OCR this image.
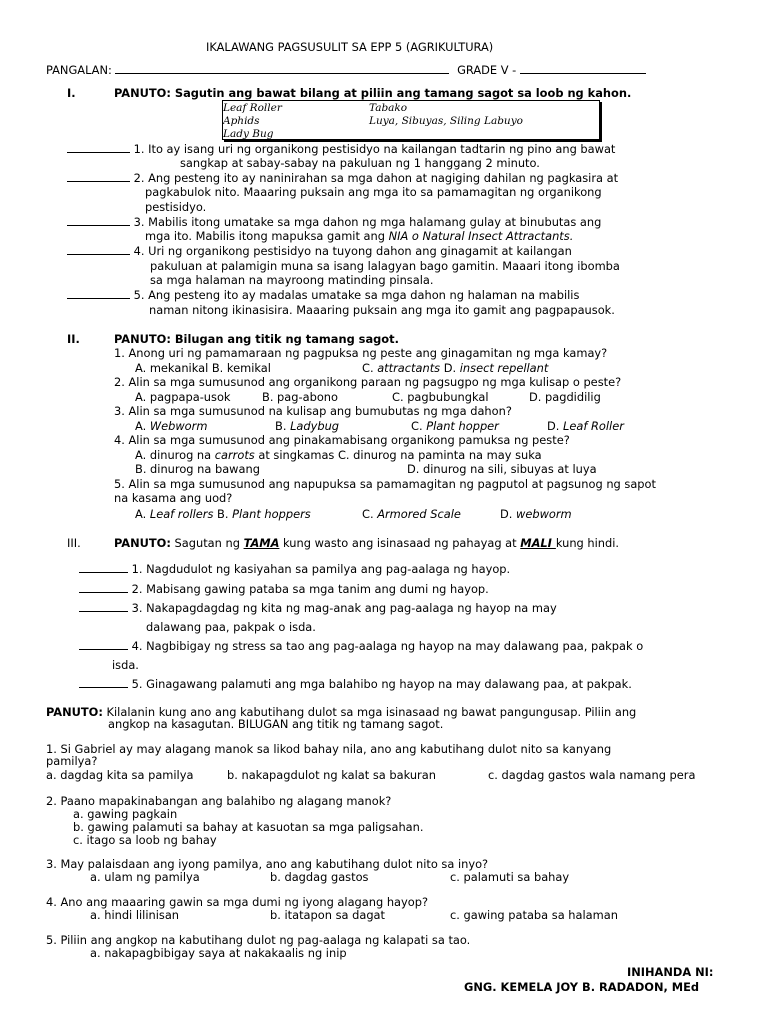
IKALAWANG PAGSUSULIT SA EPP 5 (AGRIKULTURA)
PANGALAN:	GRADE V -
I.	PANUTO: Sagutin ang bawat bilang at piliin ang tamang sagot sa loob ng kahon.
Leaf Roller	Tabako
Aphids	Luya, Sibuyas, Siling Labuyo
Lady Bug
1. Ito ay isang uri ng organikong pestisidyo na kailangan tadtarin ng pino ang bawat
sangkap at sabay-sabay na pakuluan ng 1 hanggang 2 minuto.
2. Ang pesteng ito ay naninirahan sa mga dahon at nagiging dahilan ng pagkasira at
pagkabulok nito. Maaaring puksain ang mga ito sa pamamagitan ng organikong
pestisidyo.
3. Mabilis itong umatake sa mga dahon ng mga halamang gulay at binubutas ang
mga ito. Mabilis itong mapuksa gamit ang NIA o Natural Insect Attractants.
4. Uri ng organikong pestisidyo na tuyong dahon ang ginagamit at kailangan
pakuluan at palamigin muna sa isang lalagyan bago gamitin. Maaari itong ibomba
sa mga halaman na mayroong matinding pinsala.
5. Ang pesteng ito ay madalas umatake sa mga dahon ng halaman na mabilis
naman nitong ikinasisira. Maaaring puksain ang mga ito gamit ang pagpapausok.
II.	PANUTO: Bilugan ang titik ng tamang sagot.
1. Anong uri ng pamamaraan ng pagpuksa ng peste ang ginagamitan ng mga kamay?
A. mekanikal B. kemikal	C. attractants D. insect repellant
2. Alin sa mga sumusunod ang organikong paraan ng pagsugpo ng mga kulisap o peste?
A. pagpapa-usok	B. pag-abono	C. pagbubungkal	D. pagdidilig
3. Alin sa mga sumusunod na kulisap ang bumubutas ng mga dahon?
A. Webworm	B. Ladybug	C. Plant hopper	D. Leaf Roller
4. Alin sa mga sumusunod ang pinakamabisang organikong pamuksa ng peste?
A. dinurog na carrots at singkamas C. dinurog na paminta na may suka
B. dinurog na bawang	D. dinurog na sili, sibuyas at luya
5. Alin sa mga sumusunod ang napupuksa sa pamamagitan ng pagputol at pagsunog ng sapot
na kasama ang uod?
A. Leaf rollers B. Plant hoppers	C. Armored Scale	D. webworm
III.	PANUTO: Sagutan ng TAMA kung wasto ang isinasaad ng pahayag at MALI kung hindi.
1. Nagdudulot ng kasiyahan sa pamilya ang pag-aalaga ng hayop.
2. Mabisang gawing pataba sa mga tanim ang dumi ng hayop.
3. Nakapagdagdag ng kita ng mag-anak ang pag-aalaga ng hayop na may
dalawang paa, pakpak o isda.
4. Nagbibigay ng stress sa tao ang pag-aalaga ng hayop na may dalawang paa, pakpak o
isda.
5. Ginagawang palamuti ang mga balahibo ng hayop na may dalawang paa, at pakpak.
PANUTO: Kilalanin kung ano ang kabutihang dulot sa mga isinasaad ng bawat pangungusap. Piliin ang
angkop na kasagutan. BILUGAN ang titik ng tamang sagot.
1. Si Gabriel ay may alagang manok sa likod bahay nila, ano ang kabutihang dulot nito sa kanyang
pamilya?
a. dagdag kita sa pamilya	b. nakapagdulot ng kalat sa bakuran	c. dagdag gastos wala namang pera
2. Paano mapakinabangan ang balahibo ng alagang manok?
a. gawing pagkain
b. gawing palamuti sa bahay at kasuotan sa mga paligsahan.
c. itago sa loob ng bahay
3. May palaisdaan ang iyong pamilya, ano ang kabutihang dulot nito sa inyo?
a. ulam ng pamilya	b. dagdag gastos	c. palamuti sa bahay
4. Ano ang maaaring gawin sa mga dumi ng iyong alagang hayop?
a. hindi lilinisan	b. itatapon sa dagat	c. gawing pataba sa halaman
5. Piliin ang angkop na kabutihang dulot ng pag-aalaga ng kalapati sa tao.
a. nakapagbibigay saya at nakakaalis ng inip
INIHANDA NI:
GNG. KEMELA JOY B. RADADON, MEd
